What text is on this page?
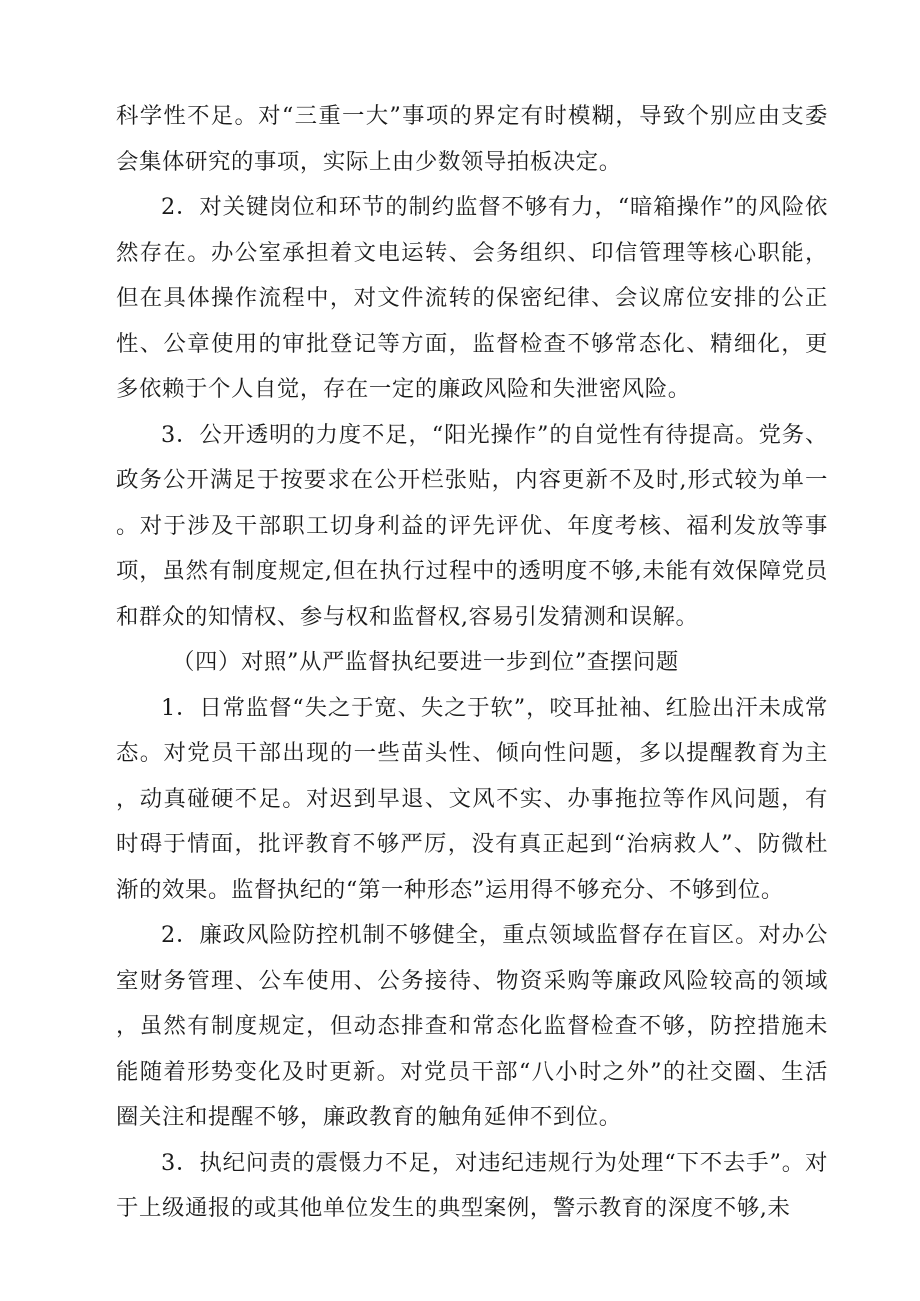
科学性不足。对“三重一大”事项的界定有时模糊，导致个别应由支委会集体研究的事项，实际上由少数领导拍板决定。

2．对关键岗位和环节的制约监督不够有力，“暗箱操作”的风险依然存在。办公室承担着文电运转、会务组织、印信管理等核心职能，但在具体操作流程中，对文件流转的保密纪律、会议席位安排的公正性、公章使用的审批登记等方面，监督检查不够常态化、精细化，更多依赖于个人自觉，存在一定的廉政风险和失泄密风险。

3．公开透明的力度不足，“阳光操作”的自觉性有待提高。党务、政务公开满足于按要求在公开栏张贴，内容更新不及时,形式较为单一。对于涉及干部职工切身利益的评先评优、年度考核、福利发放等事项，虽然有制度规定,但在执行过程中的透明度不够,未能有效保障党员和群众的知情权、参与权和监督权,容易引发猜测和误解。

（四）对照”从严监督执纪要进一步到位”查摆问题

1．日常监督“失之于宽、失之于软”，咬耳扯袖、红脸出汗未成常态。对党员干部出现的一些苗头性、倾向性问题，多以提醒教育为主，动真碰硬不足。对迟到早退、文风不实、办事拖拉等作风问题，有时碍于情面，批评教育不够严厉，没有真正起到“治病救人”、防微杜渐的效果。监督执纪的“第一种形态”运用得不够充分、不够到位。

2．廉政风险防控机制不够健全，重点领域监督存在盲区。对办公室财务管理、公车使用、公务接待、物资采购等廉政风险较高的领域，虽然有制度规定，但动态排查和常态化监督检查不够，防控措施未能随着形势变化及时更新。对党员干部“八小时之外”的社交圈、生活圈关注和提醒不够，廉政教育的触角延伸不到位。

3．执纪问责的震慑力不足，对违纪违规行为处理“下不去手”。对于上级通报的或其他单位发生的典型案例，警示教育的深度不够,未
